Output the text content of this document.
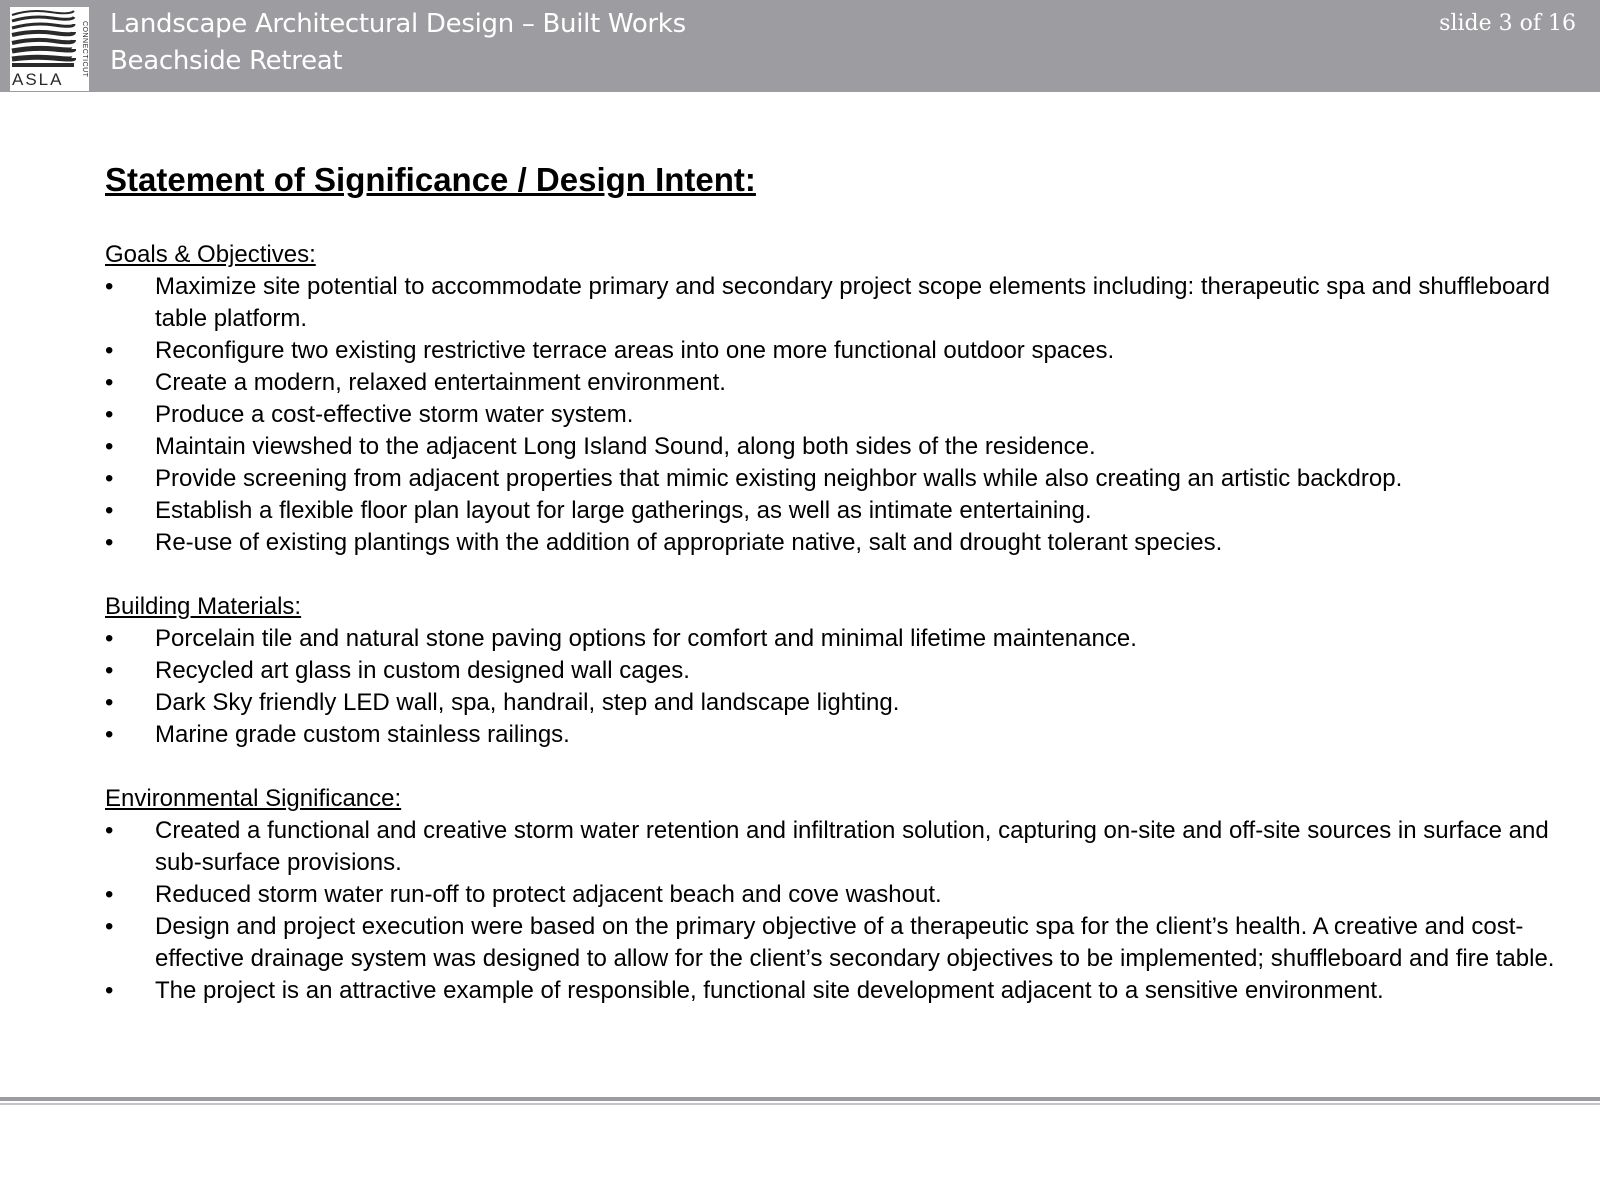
ASLA
CONNECTICUT Landscape Architectural Design – Built Works
Beachside Retreat
slide 3 of 16
Statement of Significance / Design Intent:
Goals & Objectives:
• Maximize site potential to accommodate primary and secondary project scope elements including: therapeutic spa and shuffleboard table platform.
• Reconfigure two existing restrictive terrace areas into one more functional outdoor spaces.
• Create a modern, relaxed entertainment environment.
• Produce a cost-effective storm water system.
• Maintain viewshed to the adjacent Long Island Sound, along both sides of the residence.
• Provide screening from adjacent properties that mimic existing neighbor walls while also creating an artistic backdrop.
• Establish a flexible floor plan layout for large gatherings, as well as intimate entertaining.
• Re-use of existing plantings with the addition of appropriate native, salt and drought tolerant species.
Building Materials:
• Porcelain tile and natural stone paving options for comfort and minimal lifetime maintenance.
• Recycled art glass in custom designed wall cages.
• Dark Sky friendly LED wall, spa, handrail, step and landscape lighting.
• Marine grade custom stainless railings.
Environmental Significance:
• Created a functional and creative storm water retention and infiltration solution, capturing on-site and off-site sources in surface and sub-surface provisions.
• Reduced storm water run-off to protect adjacent beach and cove washout.
• Design and project execution were based on the primary objective of a therapeutic spa for the client’s health. A creative and cost-effective drainage system was designed to allow for the client’s secondary objectives to be implemented; shuffleboard and fire table.
• The project is an attractive example of responsible, functional site development adjacent to a sensitive environment.
